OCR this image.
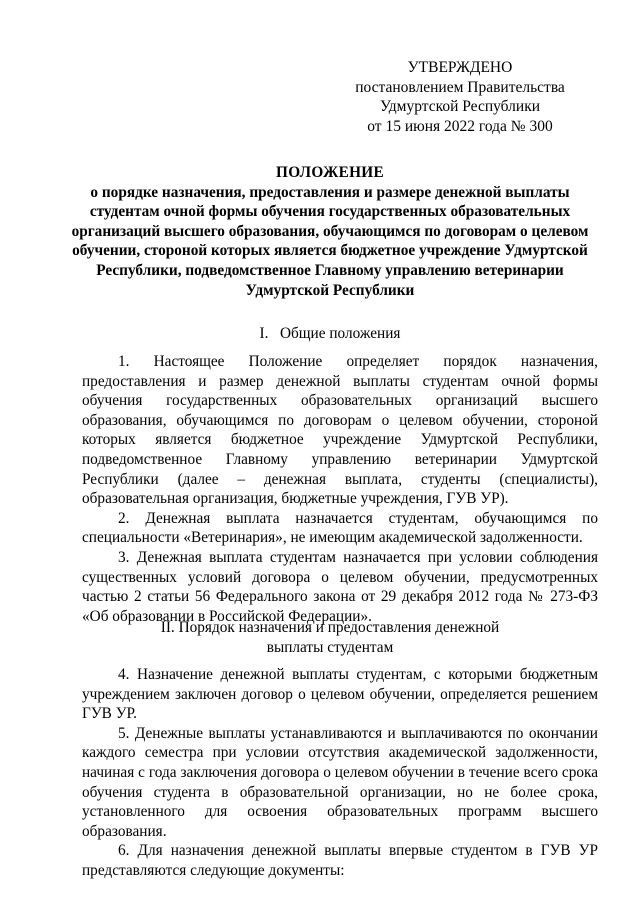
УТВЕРЖДЕНО
постановлением Правительства
Удмуртской Республики
от 15 июня 2022 года № 300
ПОЛОЖЕНИЕ
о порядке назначения, предоставления и размере денежной выплаты
студентам очной формы обучения государственных образовательных
организаций высшего образования, обучающимся по договорам о целевом
обучении, стороной которых является бюджетное учреждение Удмуртской
Республики, подведомственное Главному управлению ветеринарии
Удмуртской Республики
I.   Общие положения

1. Настоящее Положение определяет порядок назначения, предоставления и размер денежной выплаты студентам очной формы обучения государственных образовательных организаций высшего образования, обучающимся по договорам о целевом обучении, стороной которых является бюджетное учреждение Удмуртской Республики, подведомственное Главному управлению ветеринарии Удмуртской Республики (далее – денежная выплата, студенты (специалисты), образовательная организация, бюджетные учреждения, ГУВ УР).

2. Денежная выплата назначается студентам, обучающимся по специальности «Ветеринария», не имеющим академической задолженности.

3. Денежная выплата студентам назначается при условии соблюдения существенных условий договора о целевом обучении, предусмотренных частью 2 статьи 56 Федерального закона от 29 декабря 2012 года № 273-ФЗ «Об образовании в Российской Федерации».

II. Порядок назначения и предоставления денежной
выплаты студентам

4. Назначение денежной выплаты студентам, с которыми бюджетным учреждением заключен договор о целевом обучении, определяется решением ГУВ УР.

5. Денежные выплаты устанавливаются и выплачиваются по окончании каждого семестра при условии отсутствия академической задолженности, начиная с года заключения договора о целевом обучении в течение всего срока обучения студента в образовательной организации, но не более срока, установленного для освоения образовательных программ высшего образования.

6. Для назначения денежной выплаты впервые студентом в ГУВ УР представляются следующие документы:
